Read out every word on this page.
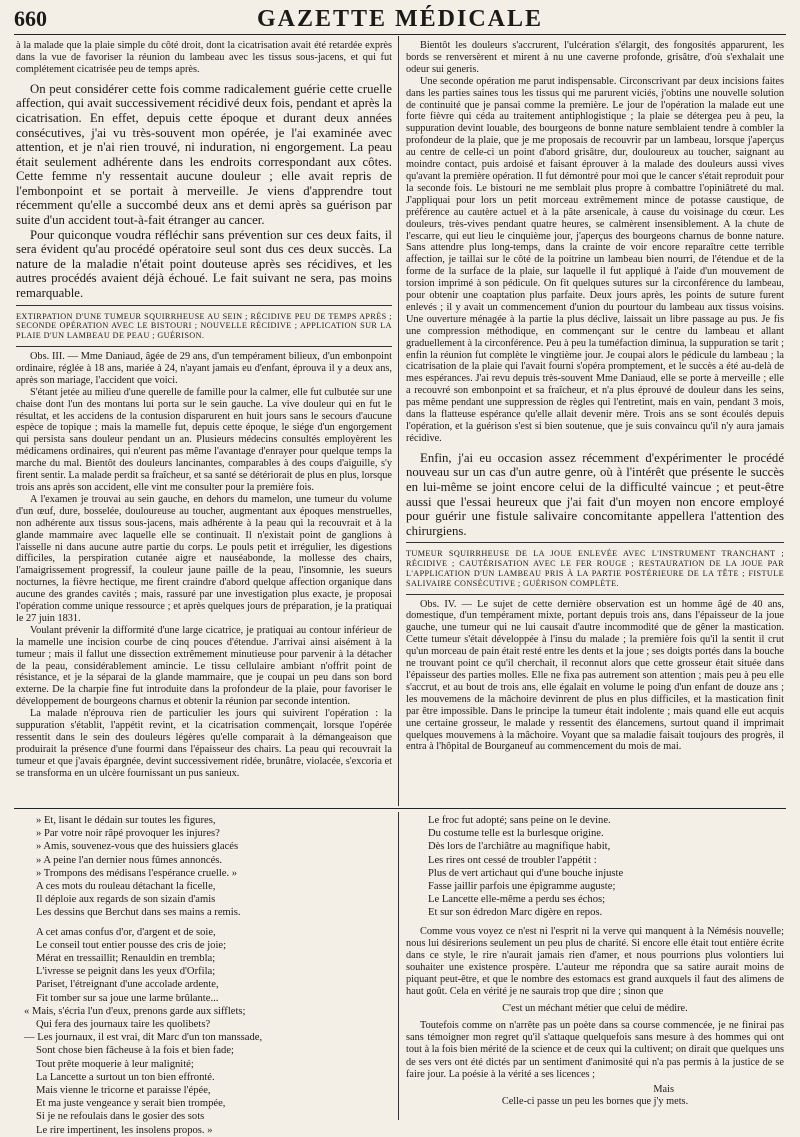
660	GAZETTE MÉDICALE

à la malade que la plaie simple du côté droit, dont la cicatrisation avait été retardée exprès dans la vue de favoriser la réunion du lambeau avec les tissus sous-jacens, et qui fut complétement cicatrisée peu de temps après.

On peut considérer cette fois comme radicalement guérie cette cruelle affection, qui avait successivement récidivé deux fois, pendant et après la cicatrisation. En effet, depuis cette époque et durant deux années consécutives, j'ai vu très-souvent mon opérée, je l'ai examinée avec attention, et je n'ai rien trouvé, ni induration, ni engorgement. La peau était seulement adhérente dans les endroits correspondant aux côtes. Cette femme n'y ressentait aucune douleur ; elle avait repris de l'embonpoint et se portait à merveille. Je viens d'apprendre tout récemment qu'elle a succombé deux ans et demi après sa guérison par suite d'un accident tout-à-fait étranger au cancer.

Pour quiconque voudra réfléchir sans prévention sur ces deux faits, il sera évident qu'au procédé opératoire seul sont dus ces deux succès. La nature de la maladie n'était point douteuse après ses récidives, et les autres procédés avaient déjà échoué. Le fait suivant ne sera, pas moins remarquable.

EXTIRPATION D'UNE TUMEUR SQUIRRHEUSE AU SEIN ; RÉCIDIVE PEU DE TEMPS APRÈS ; SECONDE OPÉRATION AVEC LE BISTOURI ; NOUVELLE RÉCIDIVE ; APPLICATION SUR LA PLAIE D'UN LAMBEAU DE PEAU ; GUÉRISON.

Obs. III. — Mme Daniaud, âgée de 29 ans, d'un tempérament bilieux, d'un embonpoint ordinaire, réglée à 18 ans, mariée à 24, n'ayant jamais eu d'enfant, éprouva il y a deux ans, après son mariage, l'accident que voici.

S'étant jetée au milieu d'une querelle de famille pour la calmer, elle fut culbutée sur une chaise dont l'un des montans lui porta sur le sein gauche. La vive douleur qui en fut le résultat, et les accidens de la contusion disparurent en huit jours sans le secours d'aucune espèce de topique ; mais la mamelle fut, depuis cette époque, le siége d'un engorgement qui persista sans douleur pendant un an. Plusieurs médecins consultés employèrent les médicamens ordinaires, qui n'eurent pas même l'avantage d'enrayer pour quelque temps la marche du mal. Bientôt des douleurs lancinantes, comparables à des coups d'aiguille, s'y firent sentir. La malade perdit sa fraîcheur, et sa santé se détériorait de plus en plus, lorsque trois ans après son accident, elle vint me consulter pour la première fois.

A l'examen je trouvai au sein gauche, en dehors du mamelon, une tumeur du volume d'un œuf, dure, bosselée, douloureuse au toucher, augmentant aux époques menstruelles, non adhérente aux tissus sous-jacens, mais adhérente à la peau qui la recouvrait et à la glande mammaire avec laquelle elle se continuait. Il n'existait point de ganglions à l'aisselle ni dans aucune autre partie du corps. Le pouls petit et irrégulier, les digestions difficiles, la perspiration cutanée aigre et nauséabonde, la mollesse des chairs, l'amaigrissement progressif, la couleur jaune paille de la peau, l'insomnie, les sueurs nocturnes, la fièvre hectique, me firent craindre d'abord quelque affection organique dans aucune des grandes cavités ; mais, rassuré par une investigation plus exacte, je proposai l'opération comme unique ressource ; et après quelques jours de préparation, je la pratiquai le 27 juin 1831.

Voulant prévenir la difformité d'une large cicatrice, je pratiquai au contour inférieur de la mamelle une incision courbe de cinq pouces d'étendue. J'arrivai ainsi aisément à la tumeur ; mais il fallut une dissection extrêmement minutieuse pour parvenir à la détacher de la peau, considérablement amincie. Le tissu cellulaire ambiant n'offrit point de résistance, et je la séparai de la glande mammaire, que je coupai un peu dans son bord externe. De la charpie fine fut introduite dans la profondeur de la plaie, pour favoriser le développement de bourgeons charnus et obtenir la réunion par seconde intention.

La malade n'éprouva rien de particulier les jours qui suivirent l'opération : la suppuration s'établit, l'appétit revint, et la cicatrisation commençait, lorsque l'opérée ressentit dans le sein des douleurs légères qu'elle comparait à la démangeaison que produirait la présence d'une fourmi dans l'épaisseur des chairs. La peau qui recouvrait la tumeur et que j'avais épargnée, devint successivement ridée, brunâtre, violacée, s'excoria et se transforma en un ulcère fournissant un pus sanieux.

Bientôt les douleurs s'accrurent, l'ulcération s'élargit, des fongosités apparurent, les bords se renversèrent et mirent à nu une caverne profonde, grisâtre, d'où s'exhalait une odeur sui generis.

Une seconde opération me parut indispensable. Circonscrivant par deux incisions faites dans les parties saines tous les tissus qui me parurent viciés, j'obtins une nouvelle solution de continuité que je pansai comme la première. Le jour de l'opération la malade eut une forte fièvre qui céda au traitement antiphlogistique ; la plaie se détergea peu à peu, la suppuration devint louable, des bourgeons de bonne nature semblaient tendre à combler la profondeur de la plaie, que je me proposais de recouvrir par un lambeau, lorsque j'aperçus au centre de celle-ci un point d'abord grisâtre, dur, douloureux au toucher, saignant au moindre contact, puis ardoisé et faisant éprouver à la malade des douleurs aussi vives qu'avant la première opération. Il fut démontré pour moi que le cancer s'était reproduit pour la seconde fois. Le bistouri ne me semblait plus propre à combattre l'opiniâtreté du mal. J'appliquai pour lors un petit morceau extrêmement mince de potasse caustique, de préférence au cautère actuel et à la pâte arsenicale, à cause du voisinage du cœur. Les douleurs, très-vives pendant quatre heures, se calmèrent insensiblement. A la chute de l'escarre, qui eut lieu le cinquième jour, j'aperçus des bourgeons charnus de bonne nature. Sans attendre plus long-temps, dans la crainte de voir encore reparaître cette terrible affection, je taillai sur le côté de la poitrine un lambeau bien nourri, de l'étendue et de la forme de la surface de la plaie, sur laquelle il fut appliqué à l'aide d'un mouvement de torsion imprimé à son pédicule. On fit quelques sutures sur la circonférence du lambeau, pour obtenir une coaptation plus parfaite. Deux jours après, les points de suture furent enlevés ; il y avait un commencement d'union du pourtour du lambeau aux tissus voisins. Une ouverture ménagée à la partie la plus déclive, laissait un libre passage au pus. Je fis une compression méthodique, en commençant sur le centre du lambeau et allant graduellement à la circonférence. Peu à peu la tuméfaction diminua, la suppuration se tarit ; enfin la réunion fut complète le vingtième jour. Je coupai alors le pédicule du lambeau ; la cicatrisation de la plaie qui l'avait fourni s'opéra promptement, et le succès a été au-delà de mes espérances. J'ai revu depuis très-souvent Mme Daniaud, elle se porte à merveille ; elle a recouvré son embonpoint et sa fraîcheur, et n'a plus éprouvé de douleur dans les seins, pas même pendant une suppression de règles qui l'entretint, mais en vain, pendant 3 mois, dans la flatteuse espérance qu'elle allait devenir mère. Trois ans se sont écoulés depuis l'opération, et la guérison s'est si bien soutenue, que je suis convaincu qu'il n'y aura jamais récidive.

Enfin, j'ai eu occasion assez récemment d'expérimenter le procédé nouveau sur un cas d'un autre genre, où à l'intérêt que présente le succès en lui-même se joint encore celui de la difficulté vaincue ; et peut-être aussi que l'essai heureux que j'ai fait d'un moyen non encore employé pour guérir une fistule salivaire concomitante appellera l'attention des chirurgiens.

TUMEUR SQUIRRHEUSE DE LA JOUE ENLEVÉE AVEC L'INSTRUMENT TRANCHANT ; RÉCIDIVE ; CAUTÉRISATION AVEC LE FER ROUGE ; RESTAURATION DE LA JOUE PAR L'APPLICATION D'UN LAMBEAU PRIS À LA PARTIE POSTÉRIEURE DE LA TÊTE ; FISTULE SALIVAIRE CONSÉCUTIVE ; GUÉRISON COMPLÈTE.

Obs. IV. — Le sujet de cette dernière observation est un homme âgé de 40 ans, domestique, d'un tempérament mixte, portant depuis trois ans, dans l'épaisseur de la joue gauche, une tumeur qui ne lui causait d'autre incommodité que de gêner la mastication. Cette tumeur s'était développée à l'insu du malade ; la première fois qu'il la sentit il crut qu'un morceau de pain était resté entre les dents et la joue ; ses doigts portés dans la bouche ne trouvant point ce qu'il cherchait, il reconnut alors que cette grosseur était située dans l'épaisseur des parties molles. Elle ne fixa pas autrement son attention ; mais peu à peu elle s'accrut, et au bout de trois ans, elle égalait en volume le poing d'un enfant de douze ans ; les mouvemens de la mâchoire devinrent de plus en plus difficiles, et la mastication finit par être impossible. Dans le principe la tumeur était indolente ; mais quand elle eut acquis une certaine grosseur, le malade y ressentit des élancemens, surtout quand il imprimait quelques mouvemens à la mâchoire. Voyant que sa maladie faisait toujours des progrès, il entra à l'hôpital de Bourganeuf au commencement du mois de mai.

» Et, lisant le dédain sur toutes les figures,
» Par votre noir râpé provoquer les injures?
» Amis, souvenez-vous que des huissiers glacés
» A peine l'an dernier nous fûmes annoncés.
» Trompons des médisans l'espérance cruelle. »
A ces mots du rouleau détachant la ficelle,
Il déploie aux regards de son sizain d'amis
Les dessins que Berchut dans ses mains a remis.
A cet amas confus d'or, d'argent et de soie,
Le conseil tout entier pousse des cris de joie;
Mérat en tressaillit; Renauldin en trembla;
L'ivresse se peignit dans les yeux d'Orfila;
Pariset, l'étreignant d'une accolade ardente,
Fit tomber sur sa joue une larme brûlante...
« Mais, s'écria l'un d'eux, prenons garde aux sifflets;
Qui fera des journaux taire les quolibets?
— Les journaux, il est vrai, dit Marc d'un ton manssade,
Sont chose bien fâcheuse à la fois et bien fade;
Tout prête moquerie à leur malignité;
La Lancette a surtout un ton bien effronté.
Mais vienne le tricorne et paraisse l'épée,
Et ma juste vengeance y serait bien trompée,
Si je ne refoulais dans le gosier des sots
Le rire impertinent, les insolens propos. »
Le froc fut adopté; sans peine on le devine.
Du costume telle est la burlesque origine.
Dès lors de l'archiâtre au magnifique habit,
Les rires ont cessé de troubler l'appétit :
Plus de vert artichaut qui d'une bouche injuste
Fasse jaillir parfois une épigramme auguste;
Le Lancette elle-même a perdu ses échos;
Et sur son édredon Marc digère en repos.

Comme vous voyez ce n'est ni l'esprit ni la verve qui manquent à la Némésis nouvelle; nous lui désirerions seulement un peu plus de charité. Si encore elle était tout entière écrite dans ce style, le rire n'aurait jamais rien d'amer, et nous pourrions plus volontiers lui souhaiter une existence prospère. L'auteur me répondra que sa satire aurait moins de piquant peut-être, et que le nombre des estomacs est grand auxquels il faut des alimens de haut goût. Cela en vérité je ne saurais trop que dire ; sinon que

C'est un méchant métier que celui de médire.

Toutefois comme on n'arrête pas un poète dans sa course commencée, je ne finirai pas sans témoigner mon regret qu'il s'attaque quelquefois sans mesure à des hommes qui ont tout à la fois bien mérité de la science et de ceux qui la cultivent; on dirait que quelques uns de ses vers ont été dictés par un sentiment d'animosité qui n'a pas permis à la justice de se faire jour. La poésie à la vérité a ses licences ;

Mais
Celle-ci passe un peu les bornes que j'y mets.
